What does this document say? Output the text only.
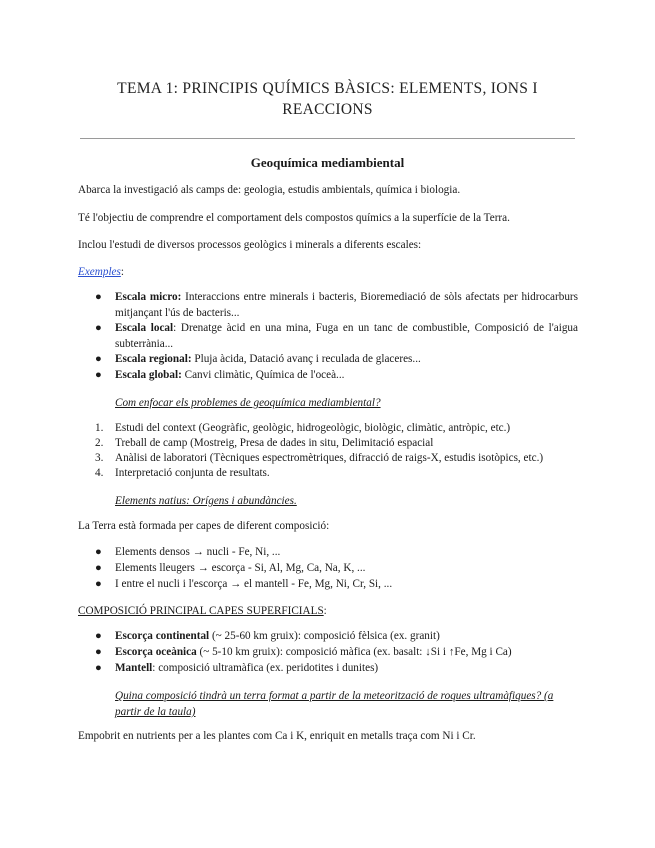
TEMA 1: PRINCIPIS QUÍMICS BÀSICS: ELEMENTS, IONS I
REACCIONS
Geoquímica mediambiental
Abarca la investigació als camps de: geologia, estudis ambientals, química i biologia.
Té l'objectiu de comprendre el comportament dels compostos químics a la superfície de la Terra.
Inclou l'estudi de diversos processos geològics i minerals a diferents escales:
Exemples:
● Escala micro: Interaccions entre minerals i bacteris, Bioremediació de sòls afectats per hidrocarburs mitjançant l'ús de bacteris...
● Escala local: Drenatge àcid en una mina, Fuga en un tanc de combustible, Composició de l'aigua subterrània...
● Escala regional: Pluja àcida, Datació avanç i reculada de glaceres...
● Escala global: Canvi climàtic, Química de l'oceà...
Com enfocar els problemes de geoquímica mediambiental?
1. Estudi del context (Geogràfic, geològic, hidrogeològic, biològic, climàtic, antròpic, etc.)
2. Treball de camp (Mostreig, Presa de dades in situ, Delimitació espacial
3. Anàlisi de laboratori (Tècniques espectromètriques, difracció de raigs-X, estudis isotòpics, etc.)
4. Interpretació conjunta de resultats.
Elements natius: Orígens i abundàncies.
La Terra està formada per capes de diferent composició:
● Elements densos → nucli - Fe, Ni, ...
● Elements lleugers → escorça - Si, Al, Mg, Ca, Na, K, ...
● I entre el nucli i l'escorça → el mantell - Fe, Mg, Ni, Cr, Si, ...
COMPOSICIÓ PRINCIPAL CAPES SUPERFICIALS:
● Escorça continental (~ 25-60 km gruix): composició fèlsica (ex. granit)
● Escorça oceànica (~ 5-10 km gruix): composició màfica (ex. basalt: ↓Si i ↑Fe, Mg i Ca)
● Mantell: composició ultramàfica (ex. peridotites i dunites)
Quina composició tindrà un terra format a partir de la meteorització de roques ultramàfiques? (a partir de la taula)
Empobrit en nutrients per a les plantes com Ca i K, enriquit en metalls traça com Ni i Cr.
